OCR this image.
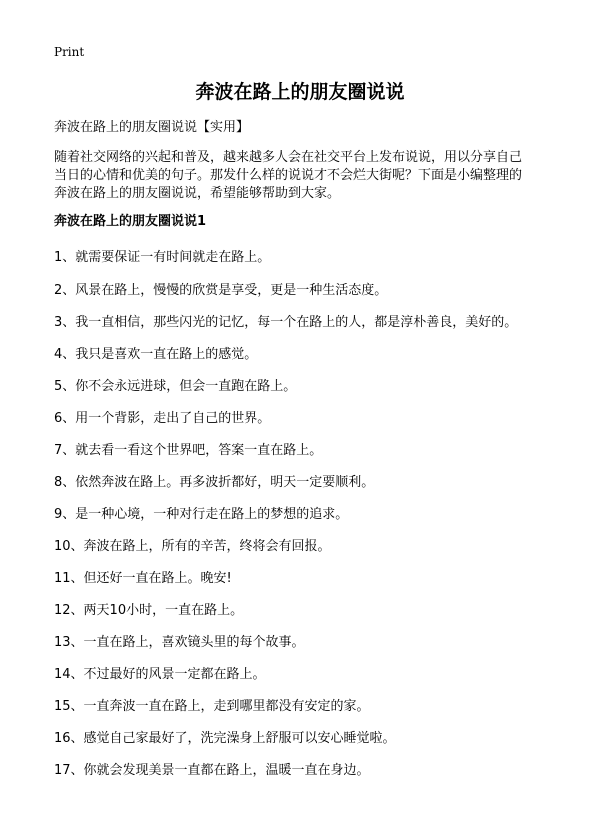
Print
奔波在路上的朋友圈说说
奔波在路上的朋友圈说说【实用】
随着社交网络的兴起和普及，越来越多人会在社交平台上发布说说，用以分享自己
当日的心情和优美的句子。那发什么样的说说才不会烂大街呢？下面是小编整理的
奔波在路上的朋友圈说说，希望能够帮助到大家。
奔波在路上的朋友圈说说1
1、就需要保证一有时间就走在路上。
2、风景在路上，慢慢的欣赏是享受，更是一种生活态度。
3、我一直相信，那些闪光的记忆，每一个在路上的人，都是淳朴善良，美好的。
4、我只是喜欢一直在路上的感觉。
5、你不会永远进球，但会一直跑在路上。
6、用一个背影，走出了自己的世界。
7、就去看一看这个世界吧，答案一直在路上。
8、依然奔波在路上。再多波折都好，明天一定要顺利。
9、是一种心境，一种对行走在路上的梦想的追求。
10、奔波在路上，所有的辛苦，终将会有回报。
11、但还好一直在路上。晚安!
12、两天10小时，一直在路上。
13、一直在路上，喜欢镜头里的每个故事。
14、不过最好的风景一定都在路上。
15、一直奔波一直在路上，走到哪里都没有安定的家。
16、感觉自己家最好了，洗完澡身上舒服可以安心睡觉啦。
17、你就会发现美景一直都在路上，温暖一直在身边。
